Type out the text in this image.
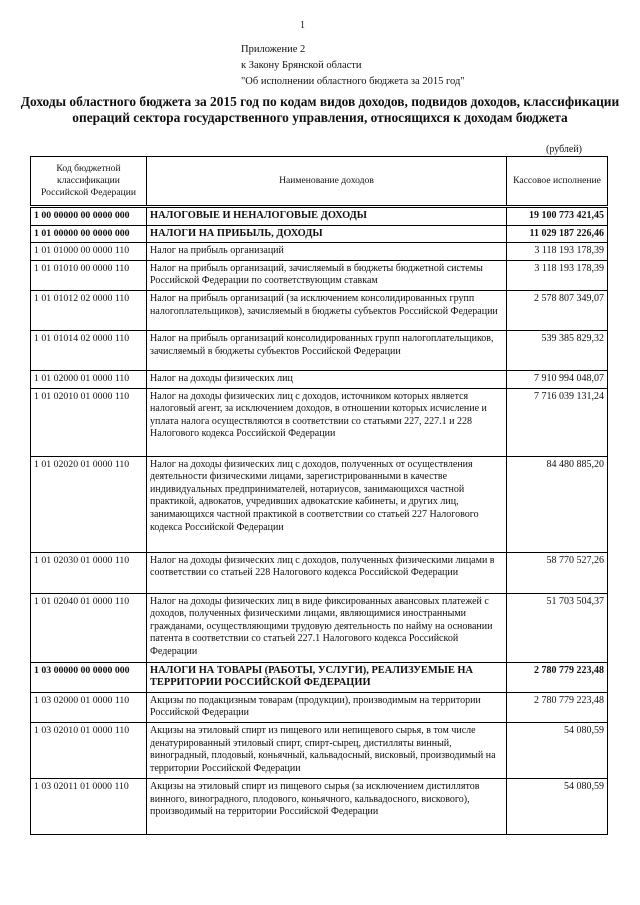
1
Приложение 2
к Закону Брянской области
"Об исполнении областного бюджета за 2015 год"
Доходы областного бюджета за 2015 год по кодам видов доходов, подвидов доходов, классификации операций сектора государственного управления, относящихся к доходам бюджета
(рублей)
Код бюджетной классификации Российской Федерации	Наименование доходов	Кассовое исполнение
1 00 00000 00 0000 000	НАЛОГОВЫЕ И НЕНАЛОГОВЫЕ ДОХОДЫ	19 100 773 421,45
1 01 00000 00 0000 000	НАЛОГИ НА ПРИБЫЛЬ, ДОХОДЫ	11 029 187 226,46
1 01 01000 00 0000 110	Налог на прибыль организаций	3 118 193 178,39
1 01 01010 00 0000 110	Налог на прибыль организаций, зачисляемый в бюджеты бюджетной системы Российской Федерации по соответствующим ставкам	3 118 193 178,39
1 01 01012 02 0000 110	Налог на прибыль организаций (за исключением консолидированных групп налогоплательщиков), зачисляемый в бюджеты субъектов Российской Федерации	2 578 807 349,07
1 01 01014 02 0000 110	Налог на прибыль организаций консолидированных групп налогоплательщиков, зачисляемый в бюджеты субъектов Российской Федерации	539 385 829,32
1 01 02000 01 0000 110	Налог на доходы физических лиц	7 910 994 048,07
1 01 02010 01 0000 110	Налог на доходы физических лиц с доходов, источником которых является налоговый агент, за исключением доходов, в отношении которых исчисление и уплата налога осуществляются в соответствии со статьями 227, 227.1 и 228 Налогового кодекса Российской Федерации	7 716 039 131,24
1 01 02020 01 0000 110	Налог на доходы физических лиц с доходов, полученных от осуществления деятельности физическими лицами, зарегистрированными в качестве индивидуальных предпринимателей, нотариусов, занимающихся частной практикой, адвокатов, учредивших адвокатские кабинеты, и других лиц, занимающихся частной практикой в соответствии со статьей 227 Налогового кодекса Российской Федерации	84 480 885,20
1 01 02030 01 0000 110	Налог на доходы физических лиц с доходов, полученных физическими лицами в соответствии со статьей 228 Налогового кодекса Российской Федерации	58 770 527,26
1 01 02040 01 0000 110	Налог на доходы физических лиц в виде фиксированных авансовых платежей с доходов, полученных физическими лицами, являющимися иностранными гражданами, осуществляющими трудовую деятельность по найму на основании патента в соответствии со статьей 227.1 Налогового кодекса Российской Федерации	51 703 504,37
1 03 00000 00 0000 000	НАЛОГИ НА ТОВАРЫ (РАБОТЫ, УСЛУГИ), РЕАЛИЗУЕМЫЕ НА ТЕРРИТОРИИ РОССИЙСКОЙ ФЕДЕРАЦИИ	2 780 779 223,48
1 03 02000 01 0000 110	Акцизы по подакцизным товарам (продукции), производимым на территории Российской Федерации	2 780 779 223,48
1 03 02010 01 0000 110	Акцизы на этиловый спирт из пищевого или непищевого сырья, в том числе денатурированный этиловый спирт, спирт-сырец, дистилляты винный, виноградный, плодовый, коньячный, кальвадосный, висковый, производимый на территории Российской Федерации	54 080,59
1 03 02011 01 0000 110	Акцизы на этиловый спирт из пищевого сырья (за исключением дистиллятов винного, виноградного, плодового, коньячного, кальвадосного, вискового), производимый на территории Российской Федерации	54 080,59
